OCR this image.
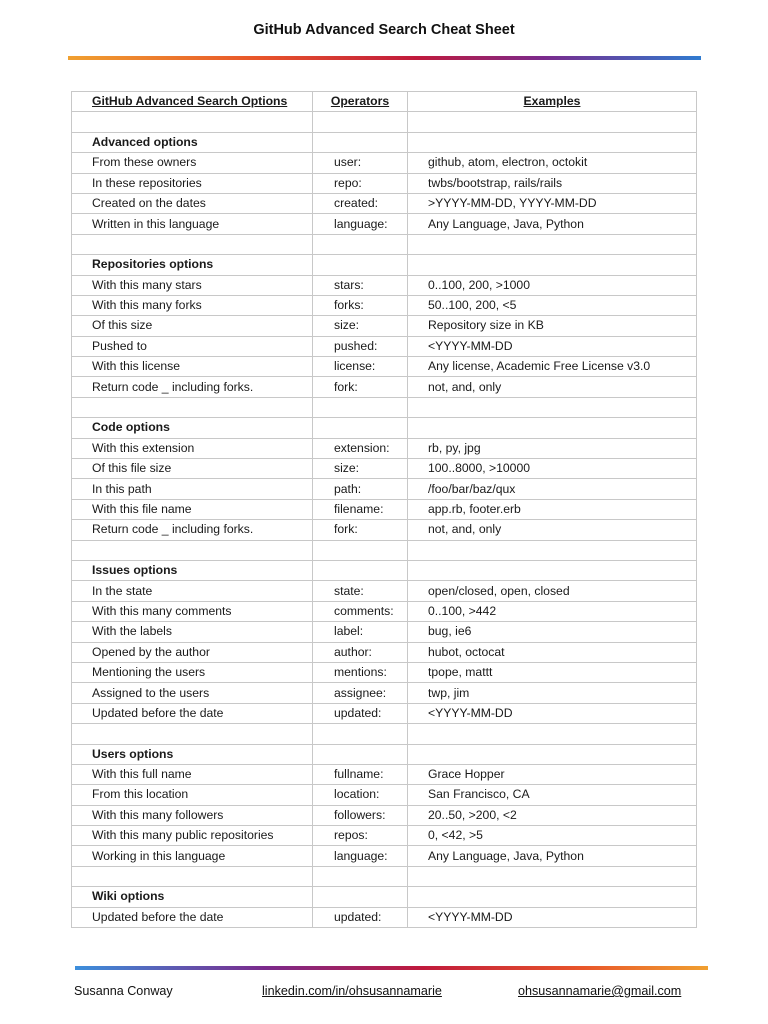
GitHub Advanced Search Cheat Sheet
GitHub Advanced Search Options	Operators	Examples

Advanced options		
From these owners	user:	github, atom, electron, octokit
In these repositories	repo:	twbs/bootstrap, rails/rails
Created on the dates	created:	>YYYY-MM-DD, YYYY-MM-DD
Written in this language	language:	Any Language, Java, Python

Repositories options		
With this many stars	stars:	0..100, 200, >1000
With this many forks	forks:	50..100, 200, <5
Of this size	size:	Repository size in KB
Pushed to	pushed:	<YYYY-MM-DD
With this license	license:	Any license, Academic Free License v3.0
Return code _ including forks.	fork:	not, and, only

Code options		
With this extension	extension:	rb, py, jpg
Of this file size	size:	100..8000, >10000
In this path	path:	/foo/bar/baz/qux
With this file name	filename:	app.rb, footer.erb
Return code _ including forks.	fork:	not, and, only

Issues options		
In the state	state:	open/closed, open, closed
With this many comments	comments:	0..100, >442
With the labels	label:	bug, ie6
Opened by the author	author:	hubot, octocat
Mentioning the users	mentions:	tpope, mattt
Assigned to the users	assignee:	twp, jim
Updated before the date	updated:	<YYYY-MM-DD

Users options		
With this full name	fullname:	Grace Hopper
From this location	location:	San Francisco, CA
With this many followers	followers:	20..50, >200, <2
With this many public repositories	repos:	0, <42, >5
Working in this language	language:	Any Language, Java, Python

Wiki options		
Updated before the date	updated:	<YYYY-MM-DD
Susanna Conway	linkedin.com/in/ohsusannamarie	ohsusannamarie@gmail.com
